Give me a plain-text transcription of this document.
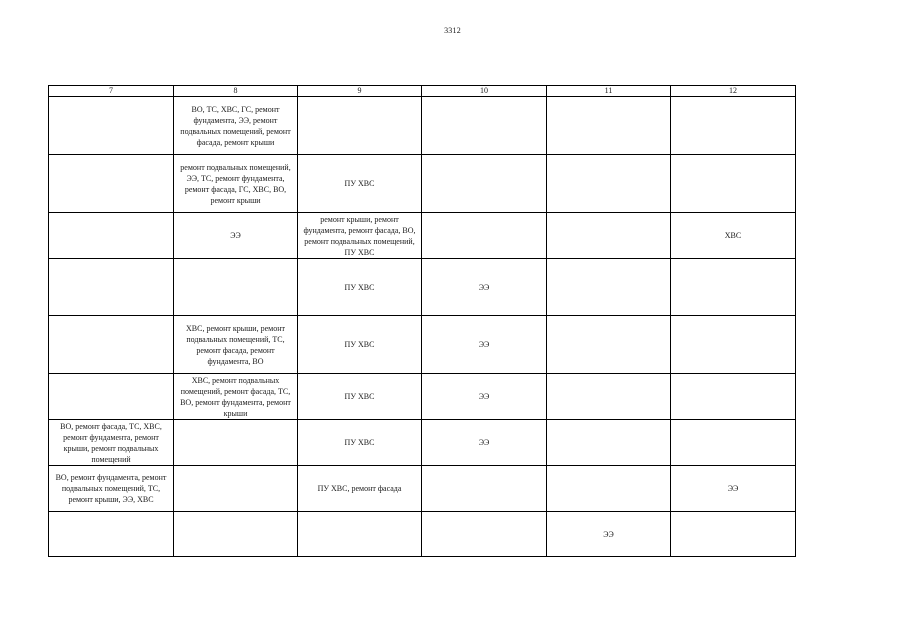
3312
7	8	9	10	11	12
	ВО, ТС, ХВС, ГС, ремонт фундамента, ЭЭ, ремонт подвальных помещений, ремонт фасада, ремонт крыши				
	ремонт подвальных помещений, ЭЭ, ТС, ремонт фундамента, ремонт фасада, ГС, ХВС, ВО, ремонт крыши	ПУ ХВС			
	ЭЭ	ремонт крыши, ремонт фундамента, ремонт фасада, ВО, ремонт подвальных помещений, ПУ ХВС			ХВС
		ПУ ХВС	ЭЭ		
	ХВС, ремонт крыши, ремонт подвальных помещений, ТС, ремонт фасада, ремонт фундамента, ВО	ПУ ХВС	ЭЭ		
	ХВС, ремонт подвальных помещений, ремонт фасада, ТС, ВО, ремонт фундамента, ремонт крыши	ПУ ХВС	ЭЭ		
ВО, ремонт фасада, ТС, ХВС, ремонт фундамента, ремонт крыши, ремонт подвальных помещений		ПУ ХВС	ЭЭ		
ВО, ремонт фундамента, ремонт подвальных помещений, ТС, ремонт крыши, ЭЭ, ХВС		ПУ ХВС, ремонт фасада			ЭЭ
				ЭЭ	
